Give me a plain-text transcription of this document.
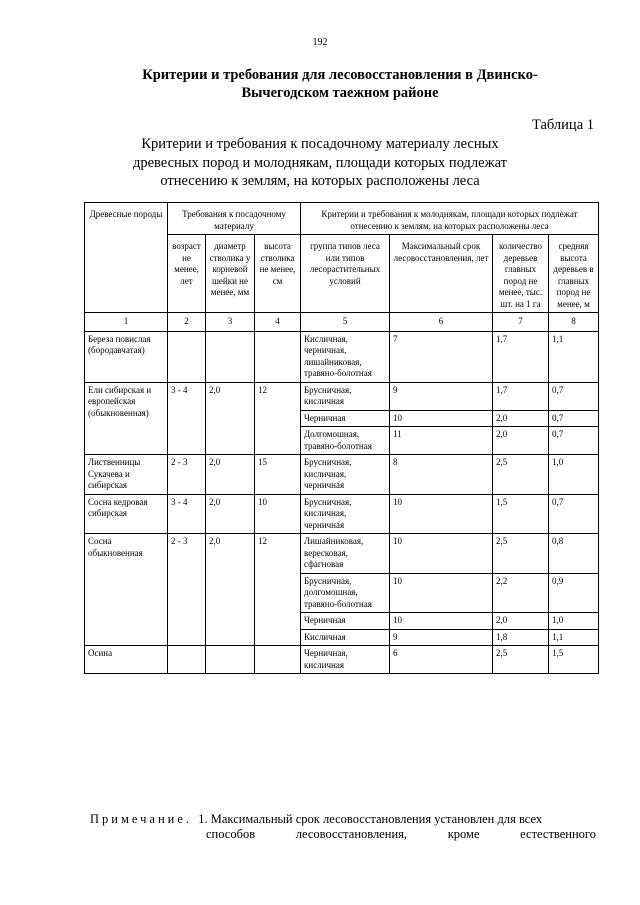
192
Критерии и требования для лесовосстановления в Двинско-Вычегодском таежном районе
Таблица 1
Критерии и требования к посадочному материалу лесных древесных пород и молоднякам, площади которых подлежат отнесению к землям, на которых расположены леса
Древесные породы	Требования к посадочному материалу			Критерии и требования к молоднякам, площади которых подлежат отнесению к землям, на которых расположены леса			
	возраст не менее, лет	диаметр стволика у корневой шейки не менее, мм	высота стволика не менее, см	группа типов леса или типов лесорастительных условий	Максимальный срок лесовосстановления, лет	количество деревьев главных пород не менее, тыс. шт. на 1 га	средняя высота деревьев в главных пород не менее, м
1	2	3	4	5	6	7	8
Береза повислая (бородавчатая)				Кисличная, черничная, лишайниковая, травяно-болотная	7	1,7	1,1
Ели сибирская и европейская (обыкновенная)	3 - 4	2,0	12	Брусничная, кисличная	9	1,7	0,7
				Черничная	10	2,0	0,7
				Долгомошная, травяно-болотная	11	2,0	0,7
Лиственницы Сукачева и сибирская	2 - 3	2,0	15	Брусничная, кисличная, черничная	8	2,5	1,0
Сосна кедровая сибирская	3 - 4	2,0	10	Брусничная, кисличная, черничная	10	1,5	0,7
Сосна обыкновенная	2 - 3	2,0	12	Лишайниковая, вересковая, сфагновая	10	2,5	0,8
				Брусничная, долгомошная, травяно-болотная	10	2,2	0,9
				Черничная	10	2,0	1,0
				Кисличная	9	1,8	1,1
Осина				Черничная, кисличная	6	2,5	1,5
Примечание. 1. Максимальный срок лесовосстановления установлен для всех
способов	лесовосстановления,	кроме	естественного
